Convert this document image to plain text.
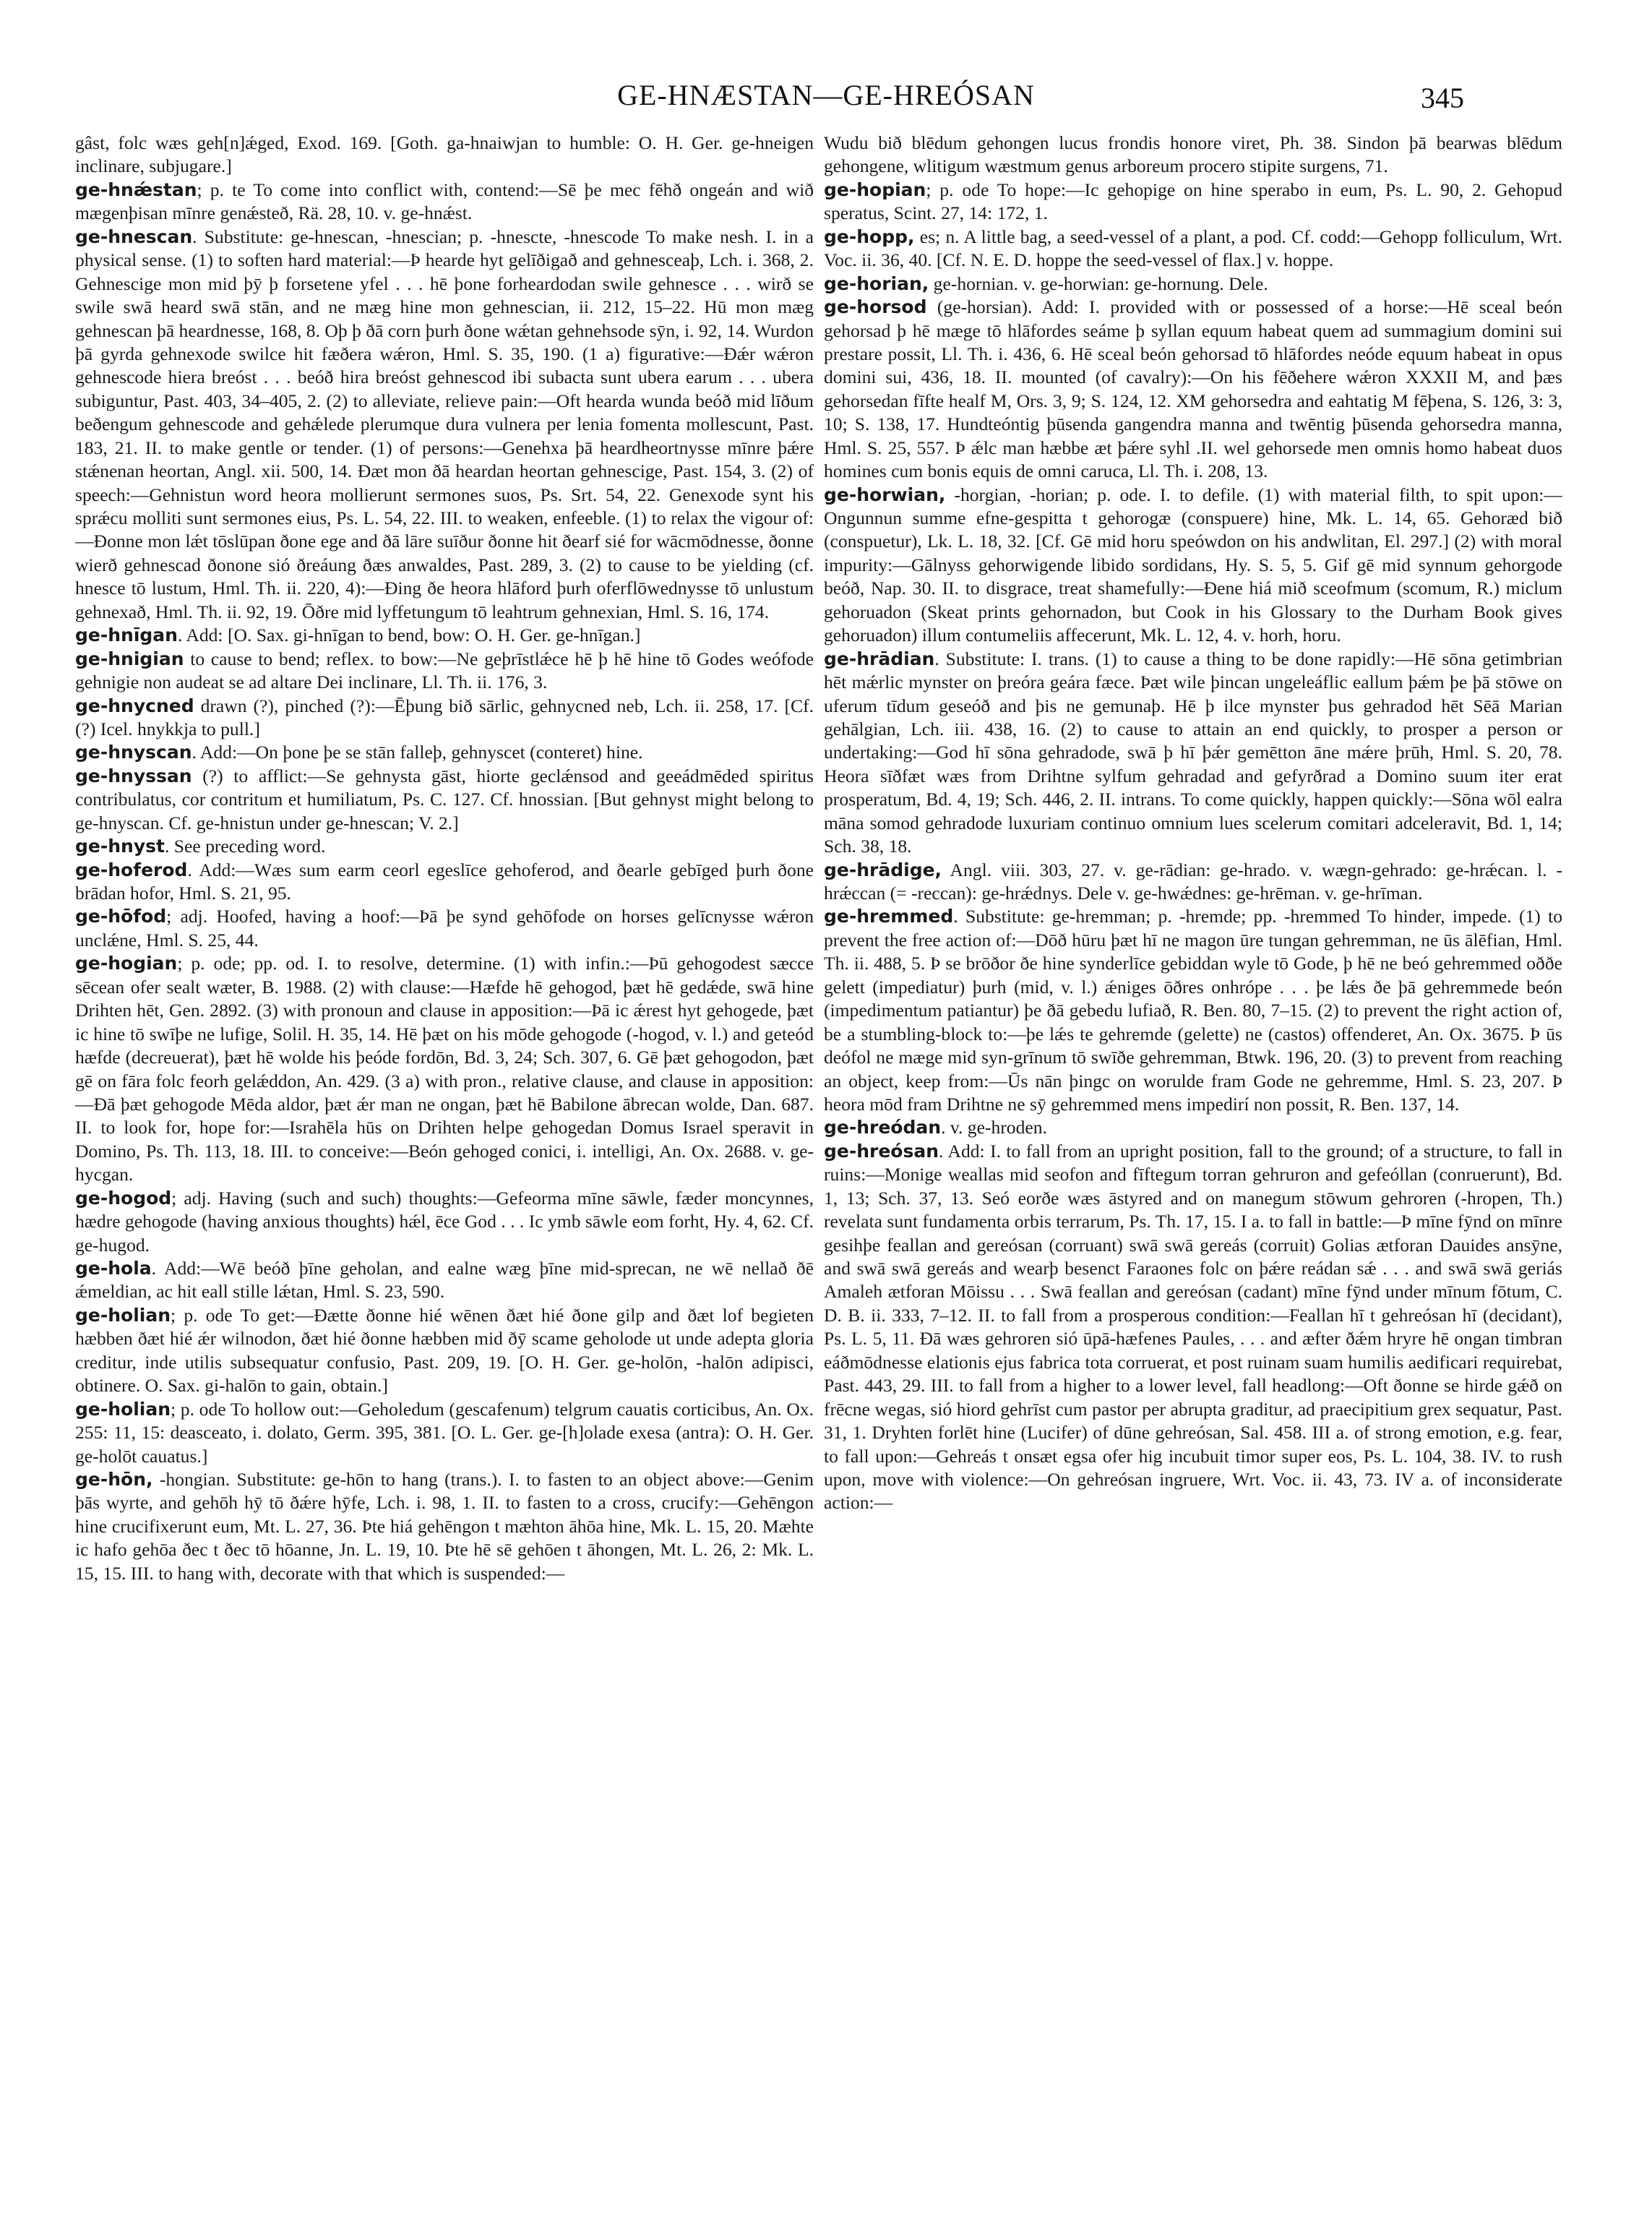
GE-HNÆSTAN—GE-HREÓSAN	345

gâst, folc wæs geh[n]ǽged, Exod. 169. [Goth. ga-hnaiwjan to humble: O. H. Ger. ge-hneigen inclinare, subjugare.]

ge-hnǽstan; p. te To come into conflict with, contend:—Sē þe mec fēhð ongeán and wið mægenþisan mīnre genǽsteð, Rä. 28, 10. v. ge-hnǽst.

ge-hnescan. Substitute: ge-hnescan, -hnescian; p. -hnescte, -hnescode To make nesh. I. in a physical sense. (1) to soften hard material:—Þ hearde hyt gelīðigað and gehnesceaþ, Lch. i. 368, 2. Gehnescige mon mid þȳ þ forsetene yfel . . . hē þone forheardodan swile gehnesce . . . wirð se swile swā heard swā stān, and ne mæg hine mon gehnescian, ii. 212, 15–22. Hū mon mæg gehnescan þā heardnesse, 168, 8. Oþ þ ðā corn þurh ðone wǽtan gehnehsode sȳn, i. 92, 14. Wurdon þā gyrda gehnexode swilce hit fæðera wǽron, Hml. S. 35, 190. (1 a) figurative:—Ðǽr wǽron gehnescode hiera breóst . . . beóð hira breóst gehnescod ibi subacta sunt ubera earum . . . ubera subiguntur, Past. 403, 34–405, 2. (2) to alleviate, relieve pain:—Oft hearda wunda beóð mid līðum beðengum gehnescode and gehǽlede plerumque dura vulnera per lenia fomenta mollescunt, Past. 183, 21. II. to make gentle or tender. (1) of persons:—Genehxa þā heardheortnysse mīnre þǽre stǽnenan heortan, Angl. xii. 500, 14. Ðæt mon ðā heardan heortan gehnescige, Past. 154, 3. (2) of speech:—Gehnistun word heora mollierunt sermones suos, Ps. Srt. 54, 22. Genexode synt his sprǽcu molliti sunt sermones eius, Ps. L. 54, 22. III. to weaken, enfeeble. (1) to relax the vigour of:—Ðonne mon lǽt tōslūpan ðone ege and ðā lāre suīður ðonne hit ðearf sié for wācmōdnesse, ðonne wierð gehnescad ðonone sió ðreáung ðæs anwaldes, Past. 289, 3. (2) to cause to be yielding (cf. hnesce tō lustum, Hml. Th. ii. 220, 4):—Ðing ðe heora hlāford þurh oferflōwednysse tō unlustum gehnexað, Hml. Th. ii. 92, 19. Ōðre mid lyffetungum tō leahtrum gehnexian, Hml. S. 16, 174.

ge-hnīgan. Add: [O. Sax. gi-hnīgan to bend, bow: O. H. Ger. ge-hnīgan.]

ge-hnigian to cause to bend; reflex. to bow:—Ne geþrīstlǽce hē þ hē hine tō Godes weófode gehnigie non audeat se ad altare Dei inclinare, Ll. Th. ii. 176, 3.

ge-hnycned drawn (?), pinched (?):—Ēþung bið sārlic, gehnycned neb, Lch. ii. 258, 17. [Cf. (?) Icel. hnykkja to pull.]

ge-hnyscan. Add:—On þone þe se stān falleþ, gehnyscet (conteret) hine.

ge-hnyssan (?) to afflict:—Se gehnysta gāst, hiorte geclǽnsod and geeádmēded spiritus contribulatus, cor contritum et humiliatum, Ps. C. 127. Cf. hnossian. [But gehnyst might belong to ge-hnyscan. Cf. ge-hnistun under ge-hnescan; V. 2.]

ge-hnyst. See preceding word.

ge-hoferod. Add:—Wæs sum earm ceorl egeslīce gehoferod, and ðearle gebīged þurh ðone brādan hofor, Hml. S. 21, 95.

ge-hōfod; adj. Hoofed, having a hoof:—Þā þe synd gehōfode on horses gelīcnysse wǽron unclǽne, Hml. S. 25, 44.

ge-hogian; p. ode; pp. od. I. to resolve, determine. (1) with infin.:—Þū gehogodest sæcce sēcean ofer sealt wæter, B. 1988. (2) with clause:—Hæfde hē gehogod, þæt hē gedǽde, swā hine Drihten hēt, Gen. 2892. (3) with pronoun and clause in apposition:—Þā ic ǽrest hyt gehogede, þæt ic hine tō swīþe ne lufige, Solil. H. 35, 14. Hē þæt on his mōde gehogode (-hogod, v. l.) and geteód hæfde (decreuerat), þæt hē wolde his þeóde fordōn, Bd. 3, 24; Sch. 307, 6. Gē þæt gehogodon, þæt gē on fāra folc feorh gelǽddon, An. 429. (3 a) with pron., relative clause, and clause in apposition:—Ðā þæt gehogode Mēda aldor, þæt ǽr man ne ongan, þæt hē Babilone ābrecan wolde, Dan. 687. II. to look for, hope for:—Israhēla hūs on Drihten helpe gehogedan Domus Israel speravit in Domino, Ps. Th. 113, 18. III. to conceive:—Beón gehoged conici, i. intelligi, An. Ox. 2688. v. ge-hycgan.

ge-hogod; adj. Having (such and such) thoughts:—Gefeorma mīne sāwle, fæder moncynnes, hædre gehogode (having anxious thoughts) hǽl, ēce God . . . Ic ymb sāwle eom forht, Hy. 4, 62. Cf. ge-hugod.

ge-hola. Add:—Wē beóð þīne geholan, and ealne wæg þīne mid-sprecan, ne wē nellað ðē ǽmeldian, ac hit eall stille lǽtan, Hml. S. 23, 590.

ge-holian; p. ode To get:—Ðætte ðonne hié wēnen ðæt hié ðone gilp and ðæt lof begieten hæbben ðæt hié ǽr wilnodon, ðæt hié ðonne hæbben mid ðȳ scame geholode ut unde adepta gloria creditur, inde utilis subsequatur confusio, Past. 209, 19. [O. H. Ger. ge-holōn, -halōn adipisci, obtinere. O. Sax. gi-halōn to gain, obtain.]

ge-holian; p. ode To hollow out:—Geholedum (gescafenum) telgrum cauatis corticibus, An. Ox. 255: 11, 15: deasceato, i. dolato, Germ. 395, 381. [O. L. Ger. ge-[h]olade exesa (antra): O. H. Ger. ge-holōt cauatus.]

ge-hōn, -hongian. Substitute: ge-hōn to hang (trans.). I. to fasten to an object above:—Genim þās wyrte, and gehōh hȳ tō ðǽre hȳfe, Lch. i. 98, 1. II. to fasten to a cross, crucify:—Gehēngon hine crucifixerunt eum, Mt. L. 27, 36. Þte hiá gehēngon t mæhton āhōa hine, Mk. L. 15, 20. Mæhte ic hafo gehōa ðec t ðec tō hōanne, Jn. L. 19, 10. Þte hē sē gehōen t āhongen, Mt. L. 26, 2: Mk. L. 15, 15. III. to hang with, decorate with that which is suspended:—

Wudu bið blēdum gehongen lucus frondis honore viret, Ph. 38. Sindon þā bearwas blēdum gehongene, wlitigum wæstmum genus arboreum procero stipite surgens, 71.

ge-hopian; p. ode To hope:—Ic gehopige on hine sperabo in eum, Ps. L. 90, 2. Gehopud speratus, Scint. 27, 14: 172, 1.

ge-hopp, es; n. A little bag, a seed-vessel of a plant, a pod. Cf. codd:—Gehopp folliculum, Wrt. Voc. ii. 36, 40. [Cf. N. E. D. hoppe the seed-vessel of flax.] v. hoppe.

ge-horian, ge-hornian. v. ge-horwian: ge-hornung. Dele.

ge-horsod (ge-horsian). Add: I. provided with or possessed of a horse:—Hē sceal beón gehorsad þ hē mæge tō hlāfordes seáme þ syllan equum habeat quem ad summagium domini sui prestare possit, Ll. Th. i. 436, 6. Hē sceal beón gehorsad tō hlāfordes neóde equum habeat in opus domini sui, 436, 18. II. mounted (of cavalry):—On his fēðehere wǽron XXXII M, and þæs gehorsedan fīfte healf M, Ors. 3, 9; S. 124, 12. XM gehorsedra and eahtatig M fēþena, S. 126, 3: 3, 10; S. 138, 17. Hundteóntig þūsenda gangendra manna and twēntig þūsenda gehorsedra manna, Hml. S. 25, 557. Þ ǽlc man hæbbe æt þǽre syhl .II. wel gehorsede men omnis homo habeat duos homines cum bonis equis de omni caruca, Ll. Th. i. 208, 13.

ge-horwian, -horgian, -horian; p. ode. I. to defile. (1) with material filth, to spit upon:—Ongunnun summe efne-gespitta t gehorogæ (conspuere) hine, Mk. L. 14, 65. Gehoræd bið (conspuetur), Lk. L. 18, 32. [Cf. Gē mid horu speówdon on his andwlitan, El. 297.] (2) with moral impurity:—Gālnyss gehorwigende libido sordidans, Hy. S. 5, 5. Gif gē mid synnum gehorgode beóð, Nap. 30. II. to disgrace, treat shamefully:—Ðene hiá mið sceofmum (scomum, R.) miclum gehoruadon (Skeat prints gehornadon, but Cook in his Glossary to the Durham Book gives gehoruadon) illum contumeliis affecerunt, Mk. L. 12, 4. v. horh, horu.

ge-hrādian. Substitute: I. trans. (1) to cause a thing to be done rapidly:—Hē sōna getimbrian hēt mǽrlic mynster on þreóra geára fæce. Þæt wile þincan ungeleáflic eallum þǽm þe þā stōwe on uferum tīdum geseóð and þis ne gemunaþ. Hē þ ilce mynster þus gehradod hēt Sēā Marian gehālgian, Lch. iii. 438, 16. (2) to cause to attain an end quickly, to prosper a person or undertaking:—God hī sōna gehradode, swā þ hī þǽr gemētton āne mǽre þrūh, Hml. S. 20, 78. Heora sīðfæt wæs from Drihtne sylfum gehradad and gefyrðrad a Domino suum iter erat prosperatum, Bd. 4, 19; Sch. 446, 2. II. intrans. To come quickly, happen quickly:—Sōna wōl ealra māna somod gehradode luxuriam continuo omnium lues scelerum comitari adceleravit, Bd. 1, 14; Sch. 38, 18.

ge-hrādige, Angl. viii. 303, 27. v. ge-rādian: ge-hrado. v. wægn-gehrado: ge-hrǽcan. l. -hrǽccan (= -reccan): ge-hrǽdnys. Dele v. ge-hwǽdnes: ge-hrēman. v. ge-hrīman.

ge-hremmed. Substitute: ge-hremman; p. -hremde; pp. -hremmed To hinder, impede. (1) to prevent the free action of:—Dōð hūru þæt hī ne magon ūre tungan gehremman, ne ūs ālēfian, Hml. Th. ii. 488, 5. Þ se brōðor ðe hine synderlīce gebiddan wyle tō Gode, þ hē ne beó gehremmed oððe gelett (impediatur) þurh (mid, v. l.) ǽniges ōðres onhrópe . . . þe lǽs ðe þā gehremmede beón (impedimentum patiantur) þe ðā gebedu lufiað, R. Ben. 80, 7–15. (2) to prevent the right action of, be a stumbling-block to:—þe lǽs te gehremde (gelette) ne (castos) offenderet, An. Ox. 3675. Þ ūs deófol ne mæge mid syn-grīnum tō swīðe gehremman, Btwk. 196, 20. (3) to prevent from reaching an object, keep from:—Ūs nān þingc on worulde fram Gode ne gehremme, Hml. S. 23, 207. Þ heora mōd fram Drihtne ne sȳ gehremmed mens impedirí non possit, R. Ben. 137, 14.

ge-hreódan. v. ge-hroden.

ge-hreósan. Add: I. to fall from an upright position, fall to the ground; of a structure, to fall in ruins:—Monige weallas mid seofon and fīftegum torran gehruron and gefeóllan (conruerunt), Bd. 1, 13; Sch. 37, 13. Seó eorðe wæs āstyred and on manegum stōwum gehroren (-hropen, Th.) revelata sunt fundamenta orbis terrarum, Ps. Th. 17, 15. I a. to fall in battle:—Þ mīne fȳnd on mīnre gesihþe feallan and gereósan (corruant) swā swā gereás (corruit) Golias ætforan Dauides ansȳne, and swā swā gereás and wearþ besenct Faraones folc on þǽre reádan sǽ . . . and swā swā geriás Amaleh ætforan Mōissu . . . Swā feallan and gereósan (cadant) mīne fȳnd under mīnum fōtum, C. D. B. ii. 333, 7–12. II. to fall from a prosperous condition:—Feallan hī t gehreósan hī (decidant), Ps. L. 5, 11. Ðā wæs gehroren sió ūpā-hæfenes Paules, . . . and æfter ðǽm hryre hē ongan timbran eáðmōdnesse elationis ejus fabrica tota corruerat, et post ruinam suam humilis aedificari requirebat, Past. 443, 29. III. to fall from a higher to a lower level, fall headlong:—Oft ðonne se hirde gǽð on frēcne wegas, sió hiord gehrīst cum pastor per abrupta graditur, ad praecipitium grex sequatur, Past. 31, 1. Dryhten forlēt hine (Lucifer) of dūne gehreósan, Sal. 458. III a. of strong emotion, e.g. fear, to fall upon:—Gehreás t onsæt egsa ofer hig incubuit timor super eos, Ps. L. 104, 38. IV. to rush upon, move with violence:—On gehreósan ingruere, Wrt. Voc. ii. 43, 73. IV a. of inconsiderate action:—
